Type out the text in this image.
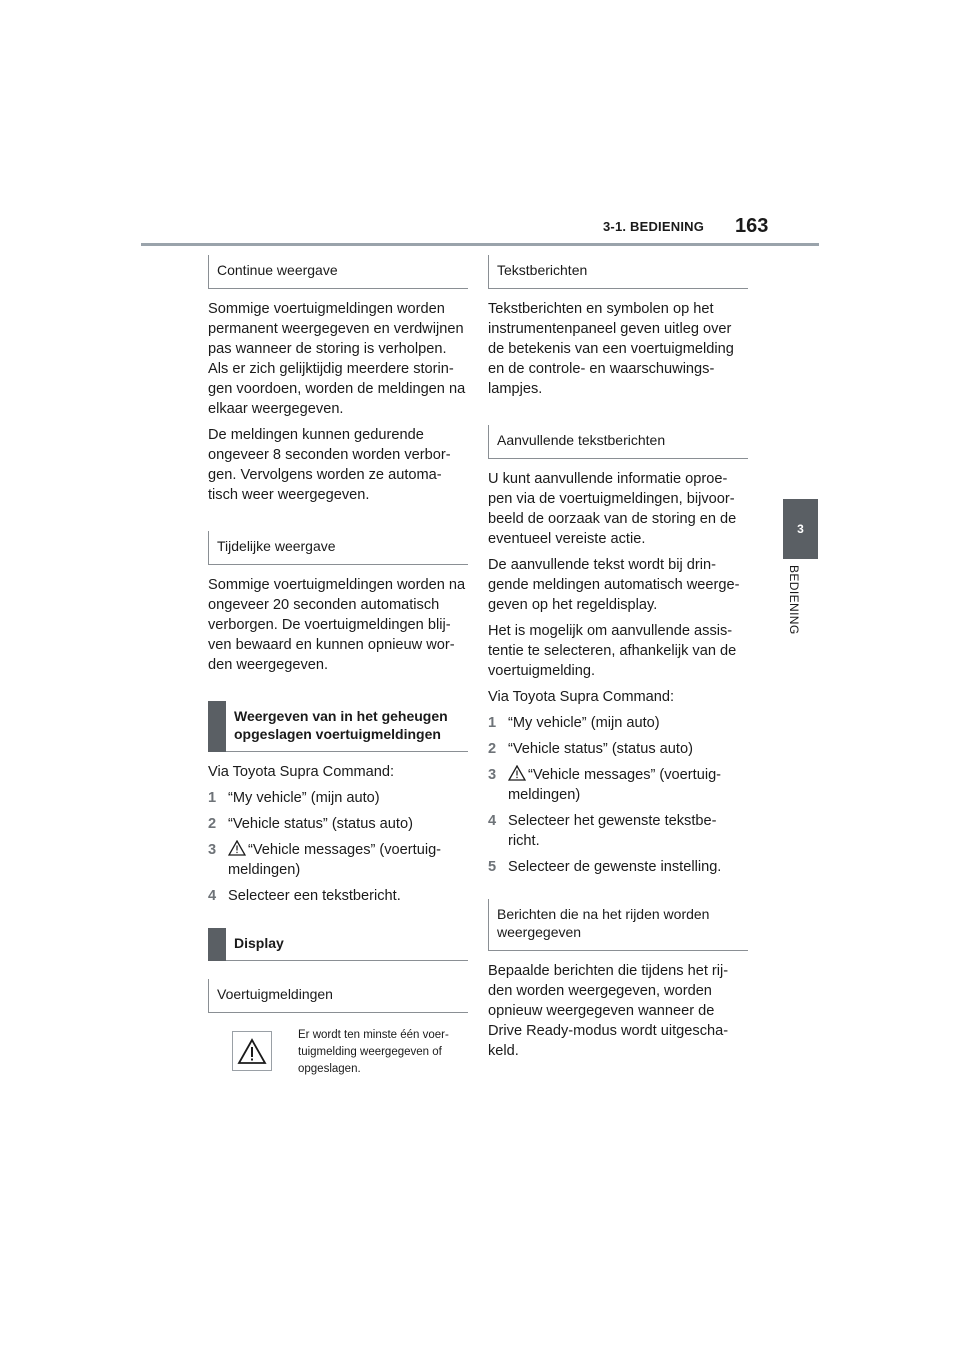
3-1. BEDIENING 163
3
BEDIENING
Continue weergave

Sommige voertuigmeldingen worden permanent weergegeven en verdwijnen pas wanneer de storing is verholpen. Als er zich gelijktijdig meerdere storin-gen voordoen, worden de meldingen na elkaar weergegeven.

De meldingen kunnen gedurende ongeveer 8 seconden worden verbor-gen. Vervolgens worden ze automa-tisch weer weergegeven.

Tijdelijke weergave

Sommige voertuigmeldingen worden na ongeveer 20 seconden automatisch verborgen. De voertuigmeldingen blij-ven bewaard en kunnen opnieuw wor-den weergegeven.

Weergeven van in het geheugen opgeslagen voertuigmeldingen

Via Toyota Supra Command:

1 “My vehicle” (mijn auto)
2 “Vehicle status” (status auto)
3	“Vehicle messages” (voertuig-meldingen)
4 Selecteer een tekstbericht.
Display
Voertuigmeldingen
Er wordt ten minste één voer-tuigmelding weergegeven of opgeslagen.
Tekstberichten

Tekstberichten en symbolen op het instrumentenpaneel geven uitleg over de betekenis van een voertuigmelding en de controle- en waarschuwings-lampjes.

Aanvullende tekstberichten

U kunt aanvullende informatie oproe-pen via de voertuigmeldingen, bijvoor-beeld de oorzaak van de storing en de eventueel vereiste actie.

De aanvullende tekst wordt bij drin-gende meldingen automatisch weerge-geven op het regeldisplay.

Het is mogelijk om aanvullende assis-tentie te selecteren, afhankelijk van de voertuigmelding.

Via Toyota Supra Command:

1 “My vehicle” (mijn auto)
2 “Vehicle status” (status auto)
3	“Vehicle messages” (voertuig-meldingen)
4 Selecteer het gewenste tekstbe-richt.
5 Selecteer de gewenste instelling.
Berichten die na het rijden worden weergegeven

Bepaalde berichten die tijdens het rij-den worden weergegeven, worden opnieuw weergegeven wanneer de Drive Ready-modus wordt uitgescha-keld.
